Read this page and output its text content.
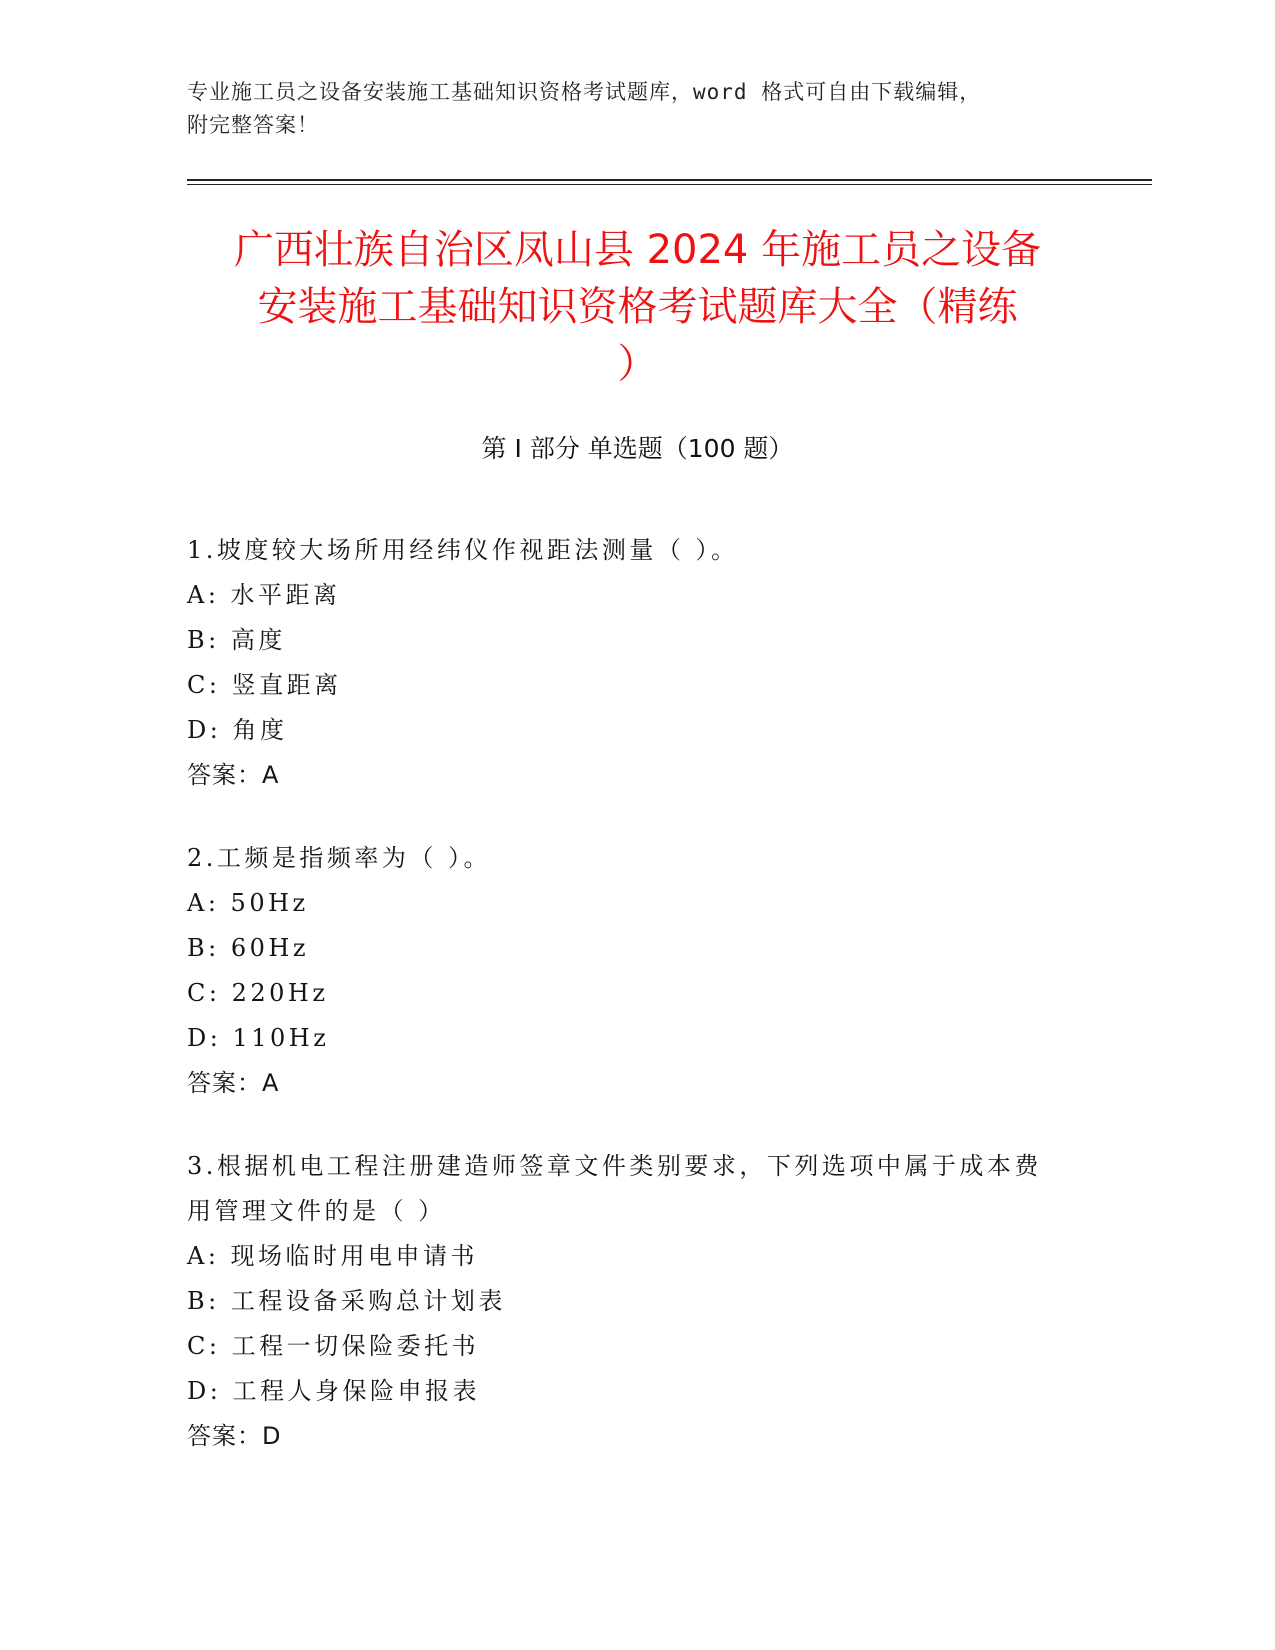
专业施工员之设备安装施工基础知识资格考试题库，word 格式可自由下载编辑，
附完整答案！
广西壮族自治区凤山县 2024 年施工员之设备
安装施工基础知识资格考试题库大全（精练
）
第 I 部分 单选题（100 题）
1.坡度较大场所用经纬仪作视距法测量（ ）。
A: 水平距离
B: 高度
C: 竖直距离
D: 角度
答案：A
2.工频是指频率为（ ）。
A: 50Hz
B: 60Hz
C: 220Hz
D: 110Hz
答案：A
3.根据机电工程注册建造师签章文件类别要求，下列选项中属于成本费用管理文件的是（ ）
A: 现场临时用电申请书
B: 工程设备采购总计划表
C: 工程一切保险委托书
D: 工程人身保险申报表
答案：D
